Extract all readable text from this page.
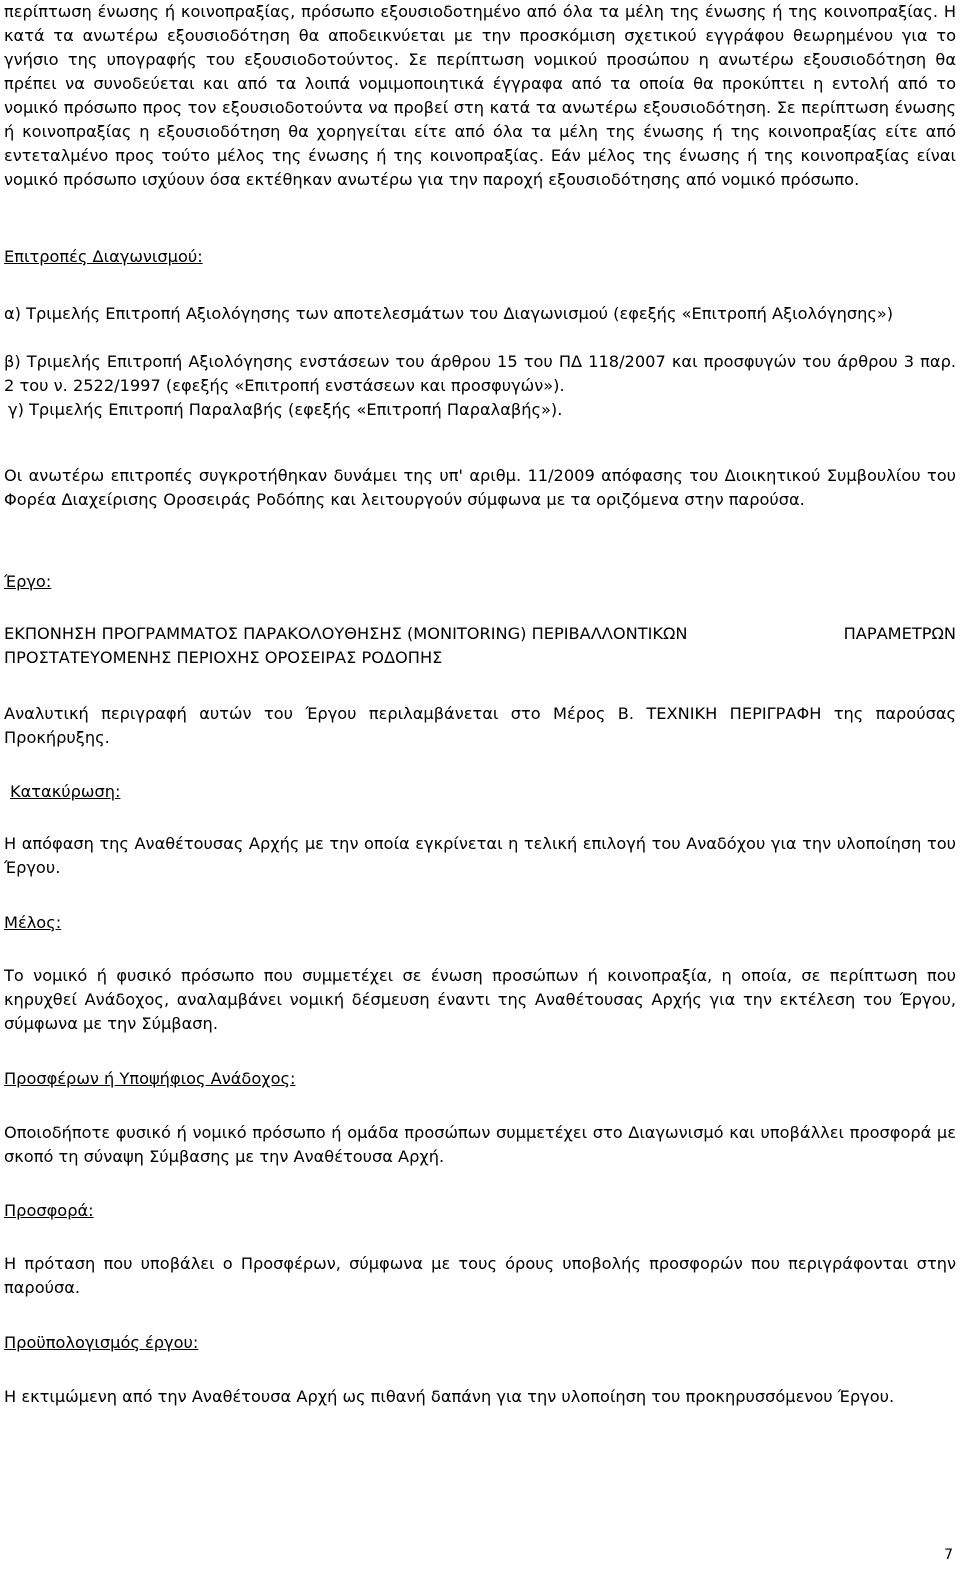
περίπτωση ένωσης ή κοινοπραξίας, πρόσωπο εξουσιοδοτημένο από όλα τα μέλη της ένωσης ή της κοινοπραξίας. Η κατά τα ανωτέρω εξουσιοδότηση θα αποδεικνύεται με την προσκόμιση σχετικού εγγράφου θεωρημένου για το γνήσιο της υπογραφής του εξουσιοδοτούντος. Σε περίπτωση νομικού προσώπου η ανωτέρω εξουσιοδότηση θα πρέπει να συνοδεύεται και από τα λοιπά νομιμοποιητικά έγγραφα από τα οποία θα προκύπτει η εντολή από το νομικό πρόσωπο προς τον εξουσιοδοτούντα να προβεί στη κατά τα ανωτέρω εξουσιοδότηση. Σε περίπτωση ένωσης ή κοινοπραξίας η εξουσιοδότηση θα χορηγείται είτε από όλα τα μέλη της ένωσης ή της κοινοπραξίας είτε από εντεταλμένο προς τούτο μέλος της ένωσης ή της κοινοπραξίας. Εάν μέλος της ένωσης ή της κοινοπραξίας είναι νομικό πρόσωπο ισχύουν όσα εκτέθηκαν ανωτέρω για την παροχή εξουσιοδότησης από νομικό πρόσωπο.

Επιτροπές Διαγωνισμού:

α) Τριμελής Επιτροπή Αξιολόγησης των αποτελεσμάτων του Διαγωνισμού (εφεξής «Επιτροπή Αξιολόγησης»)

β) Τριμελής Επιτροπή Αξιολόγησης ενστάσεων του άρθρου 15 του ΠΔ 118/2007 και προσφυγών του άρθρου 3 παρ. 2 του ν. 2522/1997 (εφεξής «Επιτροπή ενστάσεων και προσφυγών»).

γ) Τριμελής Επιτροπή Παραλαβής (εφεξής «Επιτροπή Παραλαβής»).

Οι ανωτέρω επιτροπές συγκροτήθηκαν δυνάμει της υπ' αριθμ. 11/2009 απόφασης του Διοικητικού Συμβουλίου του Φορέα Διαχείρισης Οροσειράς Ροδόπης και λειτουργούν σύμφωνα με τα οριζόμενα στην παρούσα.

Έργο:
ΕΚΠΟΝΗΣΗ ΠΡΟΓΡΑΜΜΑΤΟΣ ΠΑΡΑΚΟΛΟΥΘΗΣΗΣ (MONITORING) ΠΕΡΙΒΑΛΛΟΝΤΙΚΩΝ	ΠΑΡΑΜΕΤΡΩΝ
ΠΡΟΣΤΑΤΕΥΟΜΕΝΗΣ ΠΕΡΙΟΧΗΣ ΟΡΟΣΕΙΡΑΣ ΡΟΔΟΠΗΣ

Αναλυτική περιγραφή αυτών του Έργου περιλαμβάνεται στο Μέρος Β. ΤΕΧΝΙΚΗ ΠΕΡΙΓΡΑΦΗ της παρούσας Προκήρυξης.

Κατακύρωση:

Η απόφαση της Αναθέτουσας Αρχής με την οποία εγκρίνεται η τελική επιλογή του Αναδόχου για την υλοποίηση του Έργου.

Μέλος:

Το νομικό ή φυσικό πρόσωπο που συμμετέχει σε ένωση προσώπων ή κοινοπραξία, η οποία, σε περίπτωση που κηρυχθεί Ανάδοχος, αναλαμβάνει νομική δέσμευση έναντι της Αναθέτουσας Αρχής για την εκτέλεση του Έργου, σύμφωνα με την Σύμβαση.

Προσφέρων ή Υποψήφιος Ανάδοχος:

Οποιοδήποτε φυσικό ή νομικό πρόσωπο ή ομάδα προσώπων συμμετέχει στο Διαγωνισμό και υποβάλλει προσφορά με σκοπό τη σύναψη Σύμβασης με την Αναθέτουσα Αρχή.

Προσφορά:

Η πρόταση που υποβάλει ο Προσφέρων, σύμφωνα με τους όρους υποβολής προσφορών που περιγράφονται στην παρούσα.

Προϋπολογισμός έργου:

Η εκτιμώμενη από την Αναθέτουσα Αρχή ως πιθανή δαπάνη για την υλοποίηση του προκηρυσσόμενου Έργου.

7
